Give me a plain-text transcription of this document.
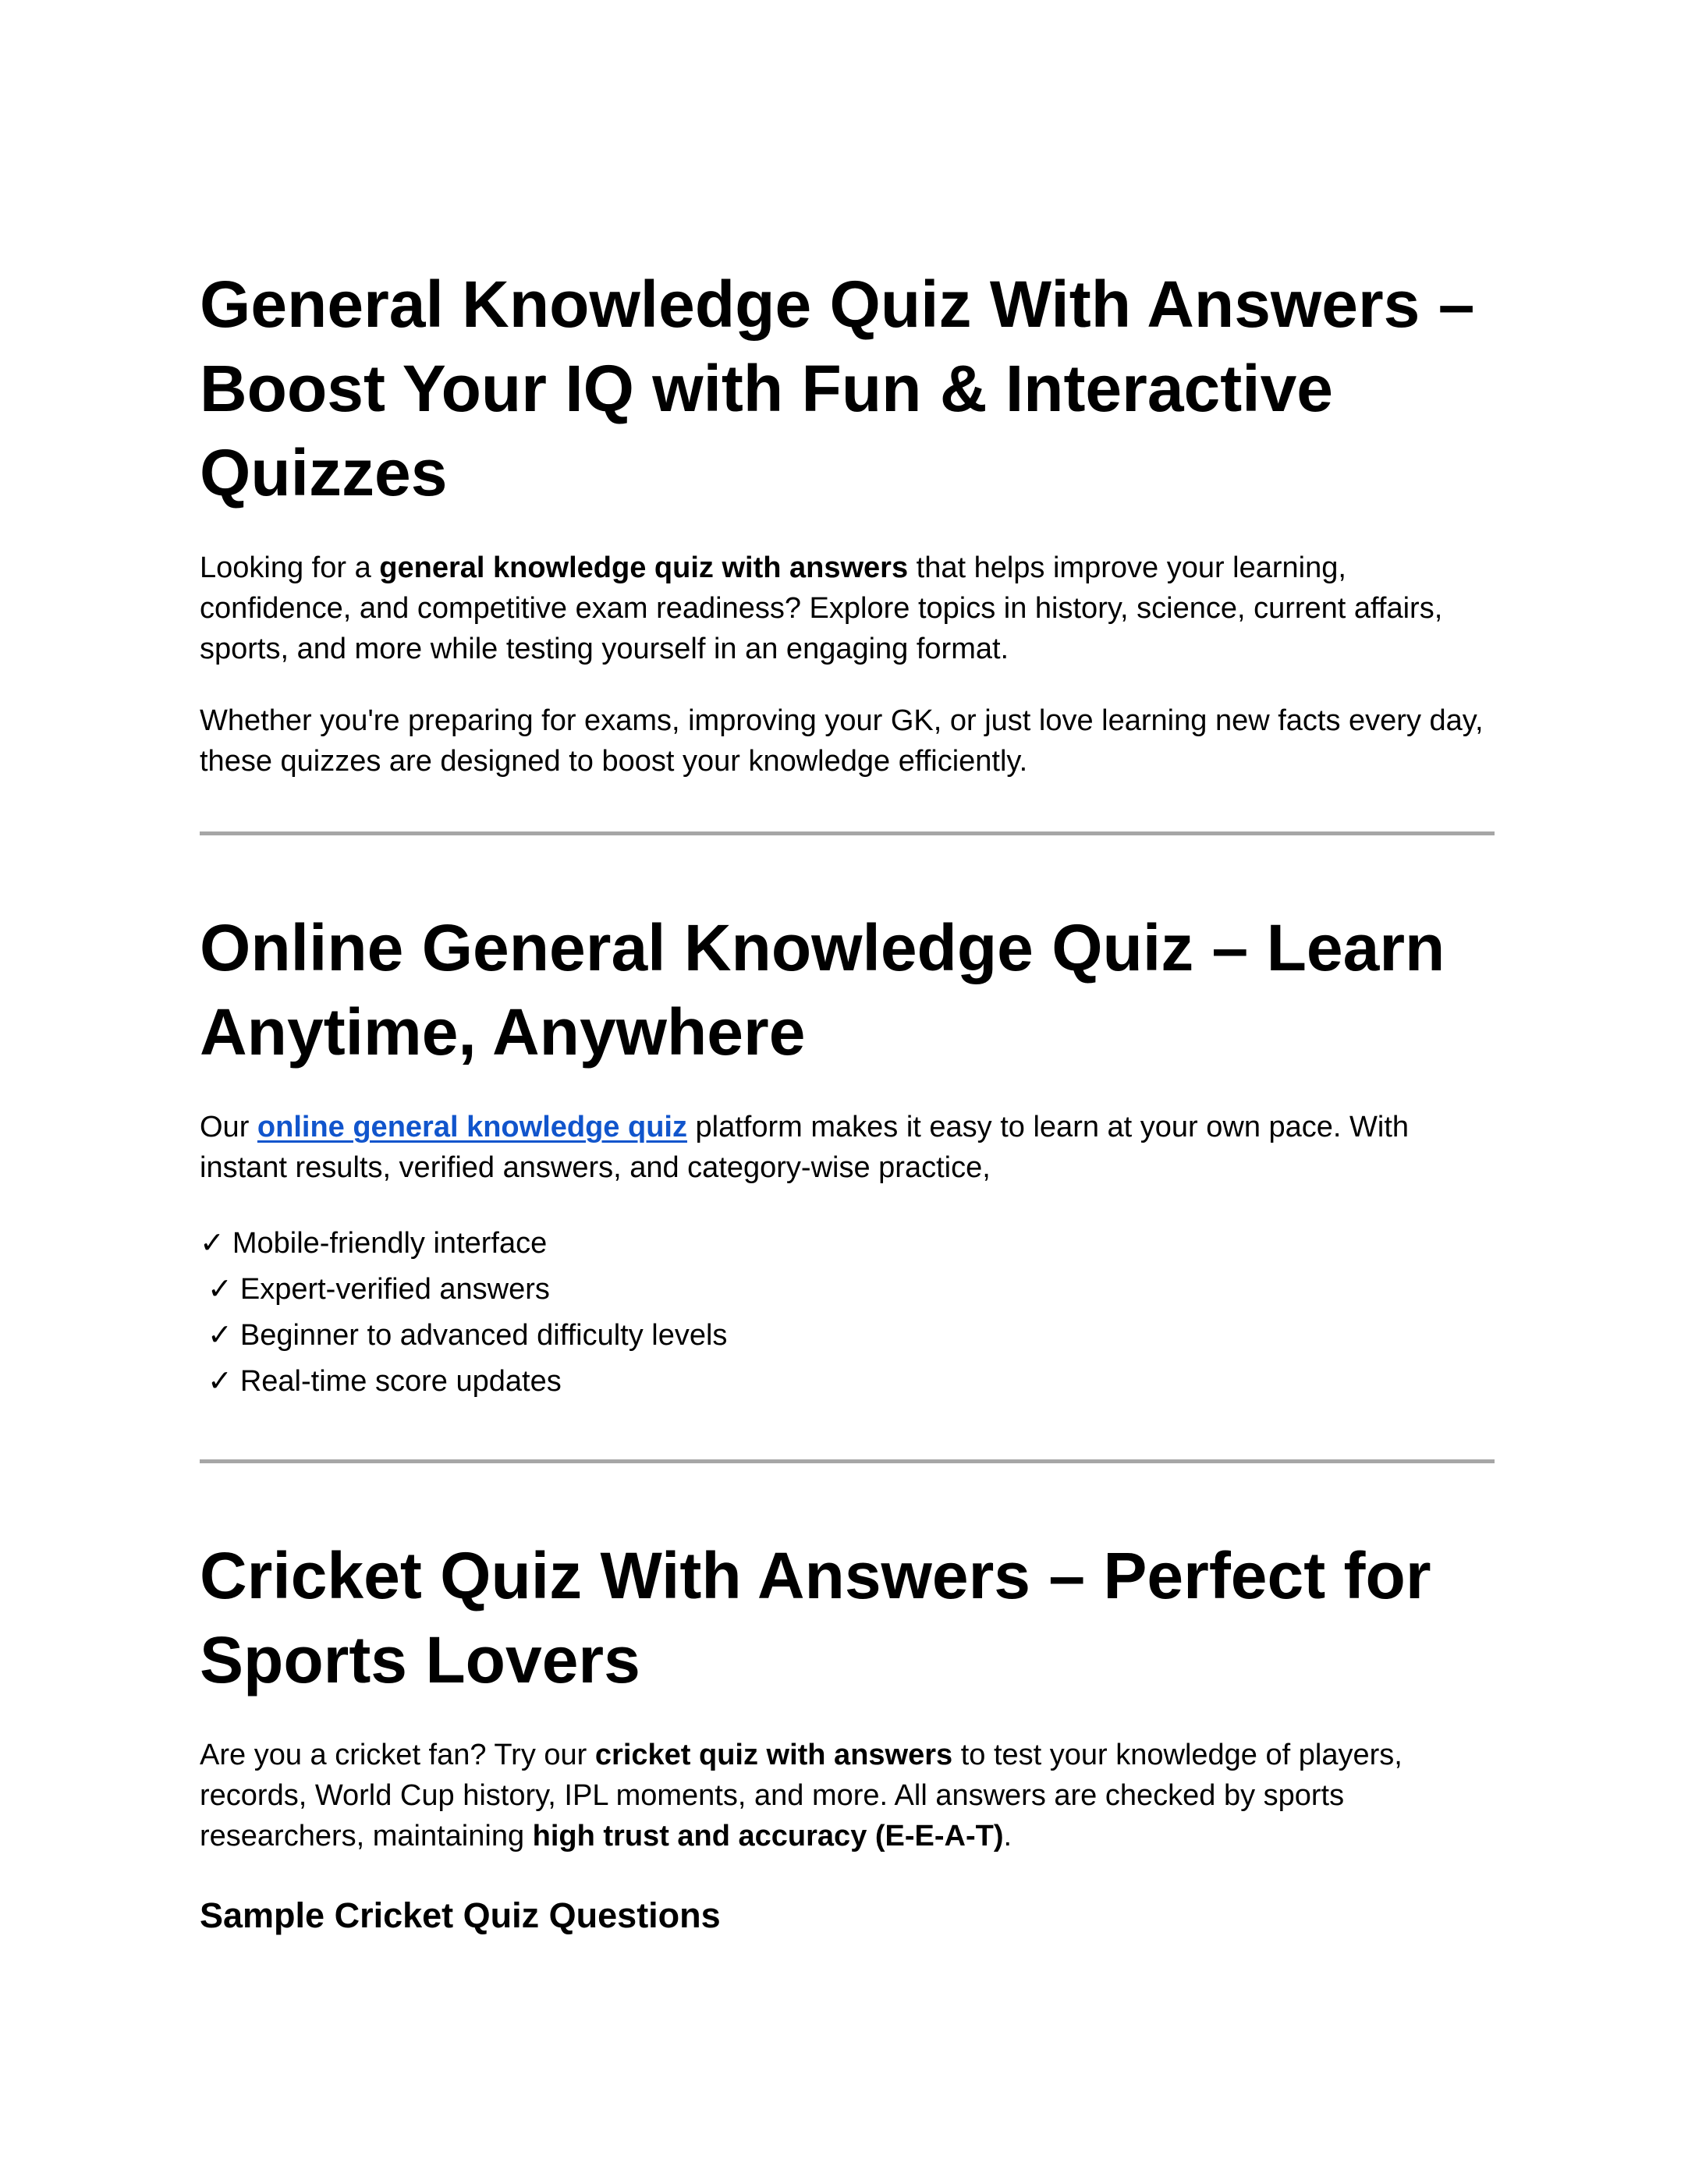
General Knowledge Quiz With Answers – Boost Your IQ with Fun & Interactive Quizzes

Looking for a general knowledge quiz with answers that helps improve your learning, confidence, and competitive exam readiness? Explore topics in history, science, current affairs, sports, and more while testing yourself in an engaging format.

Whether you're preparing for exams, improving your GK, or just love learning new facts every day, these quizzes are designed to boost your knowledge efficiently.

Online General Knowledge Quiz – Learn Anytime, Anywhere

Our online general knowledge quiz platform makes it easy to learn at your own pace. With instant results, verified answers, and category-wise practice,

✓ Mobile-friendly interface
✓ Expert-verified answers
✓ Beginner to advanced difficulty levels
✓ Real-time score updates
Cricket Quiz With Answers – Perfect for Sports Lovers

Are you a cricket fan? Try our cricket quiz with answers to test your knowledge of players, records, World Cup history, IPL moments, and more. All answers are checked by sports researchers, maintaining high trust and accuracy (E-E-A-T).

Sample Cricket Quiz Questions
